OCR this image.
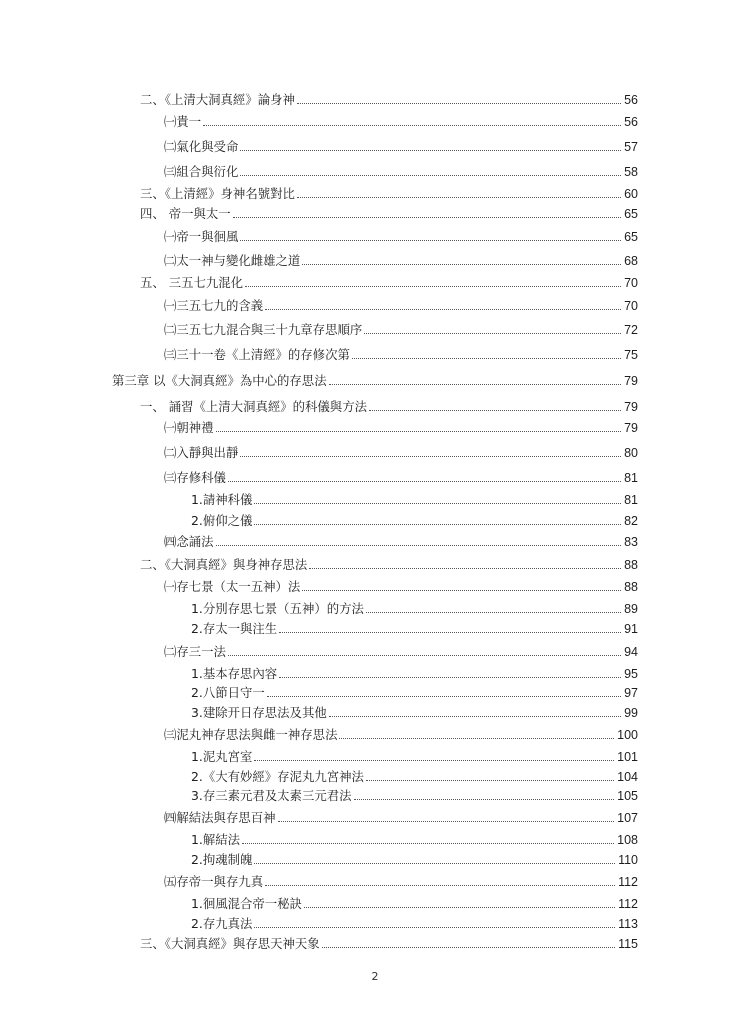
二、《上清大洞真經》論身神	56
㈠貴一	56
㈡氣化與受命	57
㈢組合與衍化	58
三、《上清經》身神名號對比	60
四、 帝一與太一	65
㈠帝一與徊風	65
㈡太一神与變化雌雄之道	68
五、 三五七九混化	70
㈠三五七九的含義	70
㈡三五七九混合與三十九章存思順序	72
㈢三十一卷《上清經》的存修次第	75
第三章 以《大洞真經》為中心的存思法	79
一、 誦習《上清大洞真經》的科儀與方法	79
㈠朝神禮	79
㈡入靜與出靜	80
㈢存修科儀	81
1.請神科儀	81
2.俯仰之儀	82
㈣念誦法	83
二、《大洞真經》與身神存思法	88
㈠存七景（太一五神）法	88
1.分別存思七景（五神）的方法	89
2.存太一與注生	91
㈡存三一法	94
1.基本存思內容	95
2.八節日守一	97
3.建除开日存思法及其他	99
㈢泥丸神存思法與雌一神存思法	100
1.泥丸宮室	101
2.《大有妙經》存泥丸九宮神法	104
3.存三素元君及太素三元君法	105
㈣解結法與存思百神	107
1.解結法	108
2.拘魂制魄	110
㈤存帝一與存九真	112
1.徊風混合帝一秘訣	112
2.存九真法	113
三、《大洞真經》與存思天神天象	115
2
